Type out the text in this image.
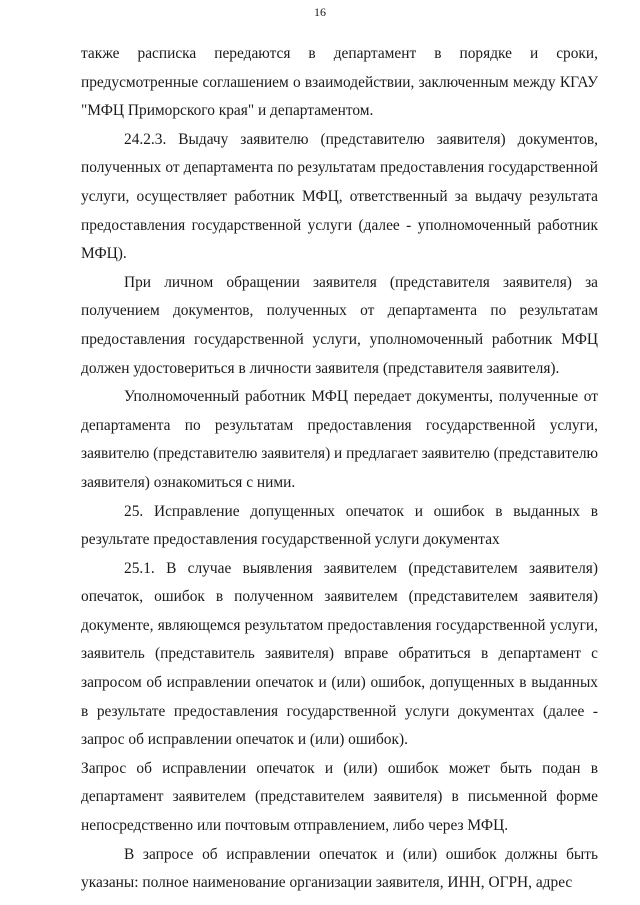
16

также расписка передаются в департамент в порядке и сроки, предусмотренные соглашением о взаимодействии, заключенным между КГАУ "МФЦ Приморского края" и департаментом.

24.2.3. Выдачу заявителю (представителю заявителя) документов, полученных от департамента по результатам предоставления государственной услуги, осуществляет работник МФЦ, ответственный за выдачу результата предоставления государственной услуги (далее - уполномоченный работник МФЦ).

При личном обращении заявителя (представителя заявителя) за получением документов, полученных от департамента по результатам предоставления государственной услуги, уполномоченный работник МФЦ должен удостовериться в личности заявителя (представителя заявителя).

Уполномоченный работник МФЦ передает документы, полученные от департамента по результатам предоставления государственной услуги, заявителю (представителю заявителя) и предлагает заявителю (представителю заявителя) ознакомиться с ними.

25. Исправление допущенных опечаток и ошибок в выданных в результате предоставления государственной услуги документах

25.1. В случае выявления заявителем (представителем заявителя) опечаток, ошибок в полученном заявителем (представителем заявителя) документе, являющемся результатом предоставления государственной услуги, заявитель (представитель заявителя) вправе обратиться в департамент с запросом об исправлении опечаток и (или) ошибок, допущенных в выданных в результате предоставления государственной услуги документах (далее - запрос об исправлении опечаток и (или) ошибок).

Запрос об исправлении опечаток и (или) ошибок может быть подан в департамент заявителем (представителем заявителя) в письменной форме непосредственно или почтовым отправлением, либо через МФЦ.

В запросе об исправлении опечаток и (или) ошибок должны быть указаны: полное наименование организации заявителя, ИНН, ОГРН, адрес
